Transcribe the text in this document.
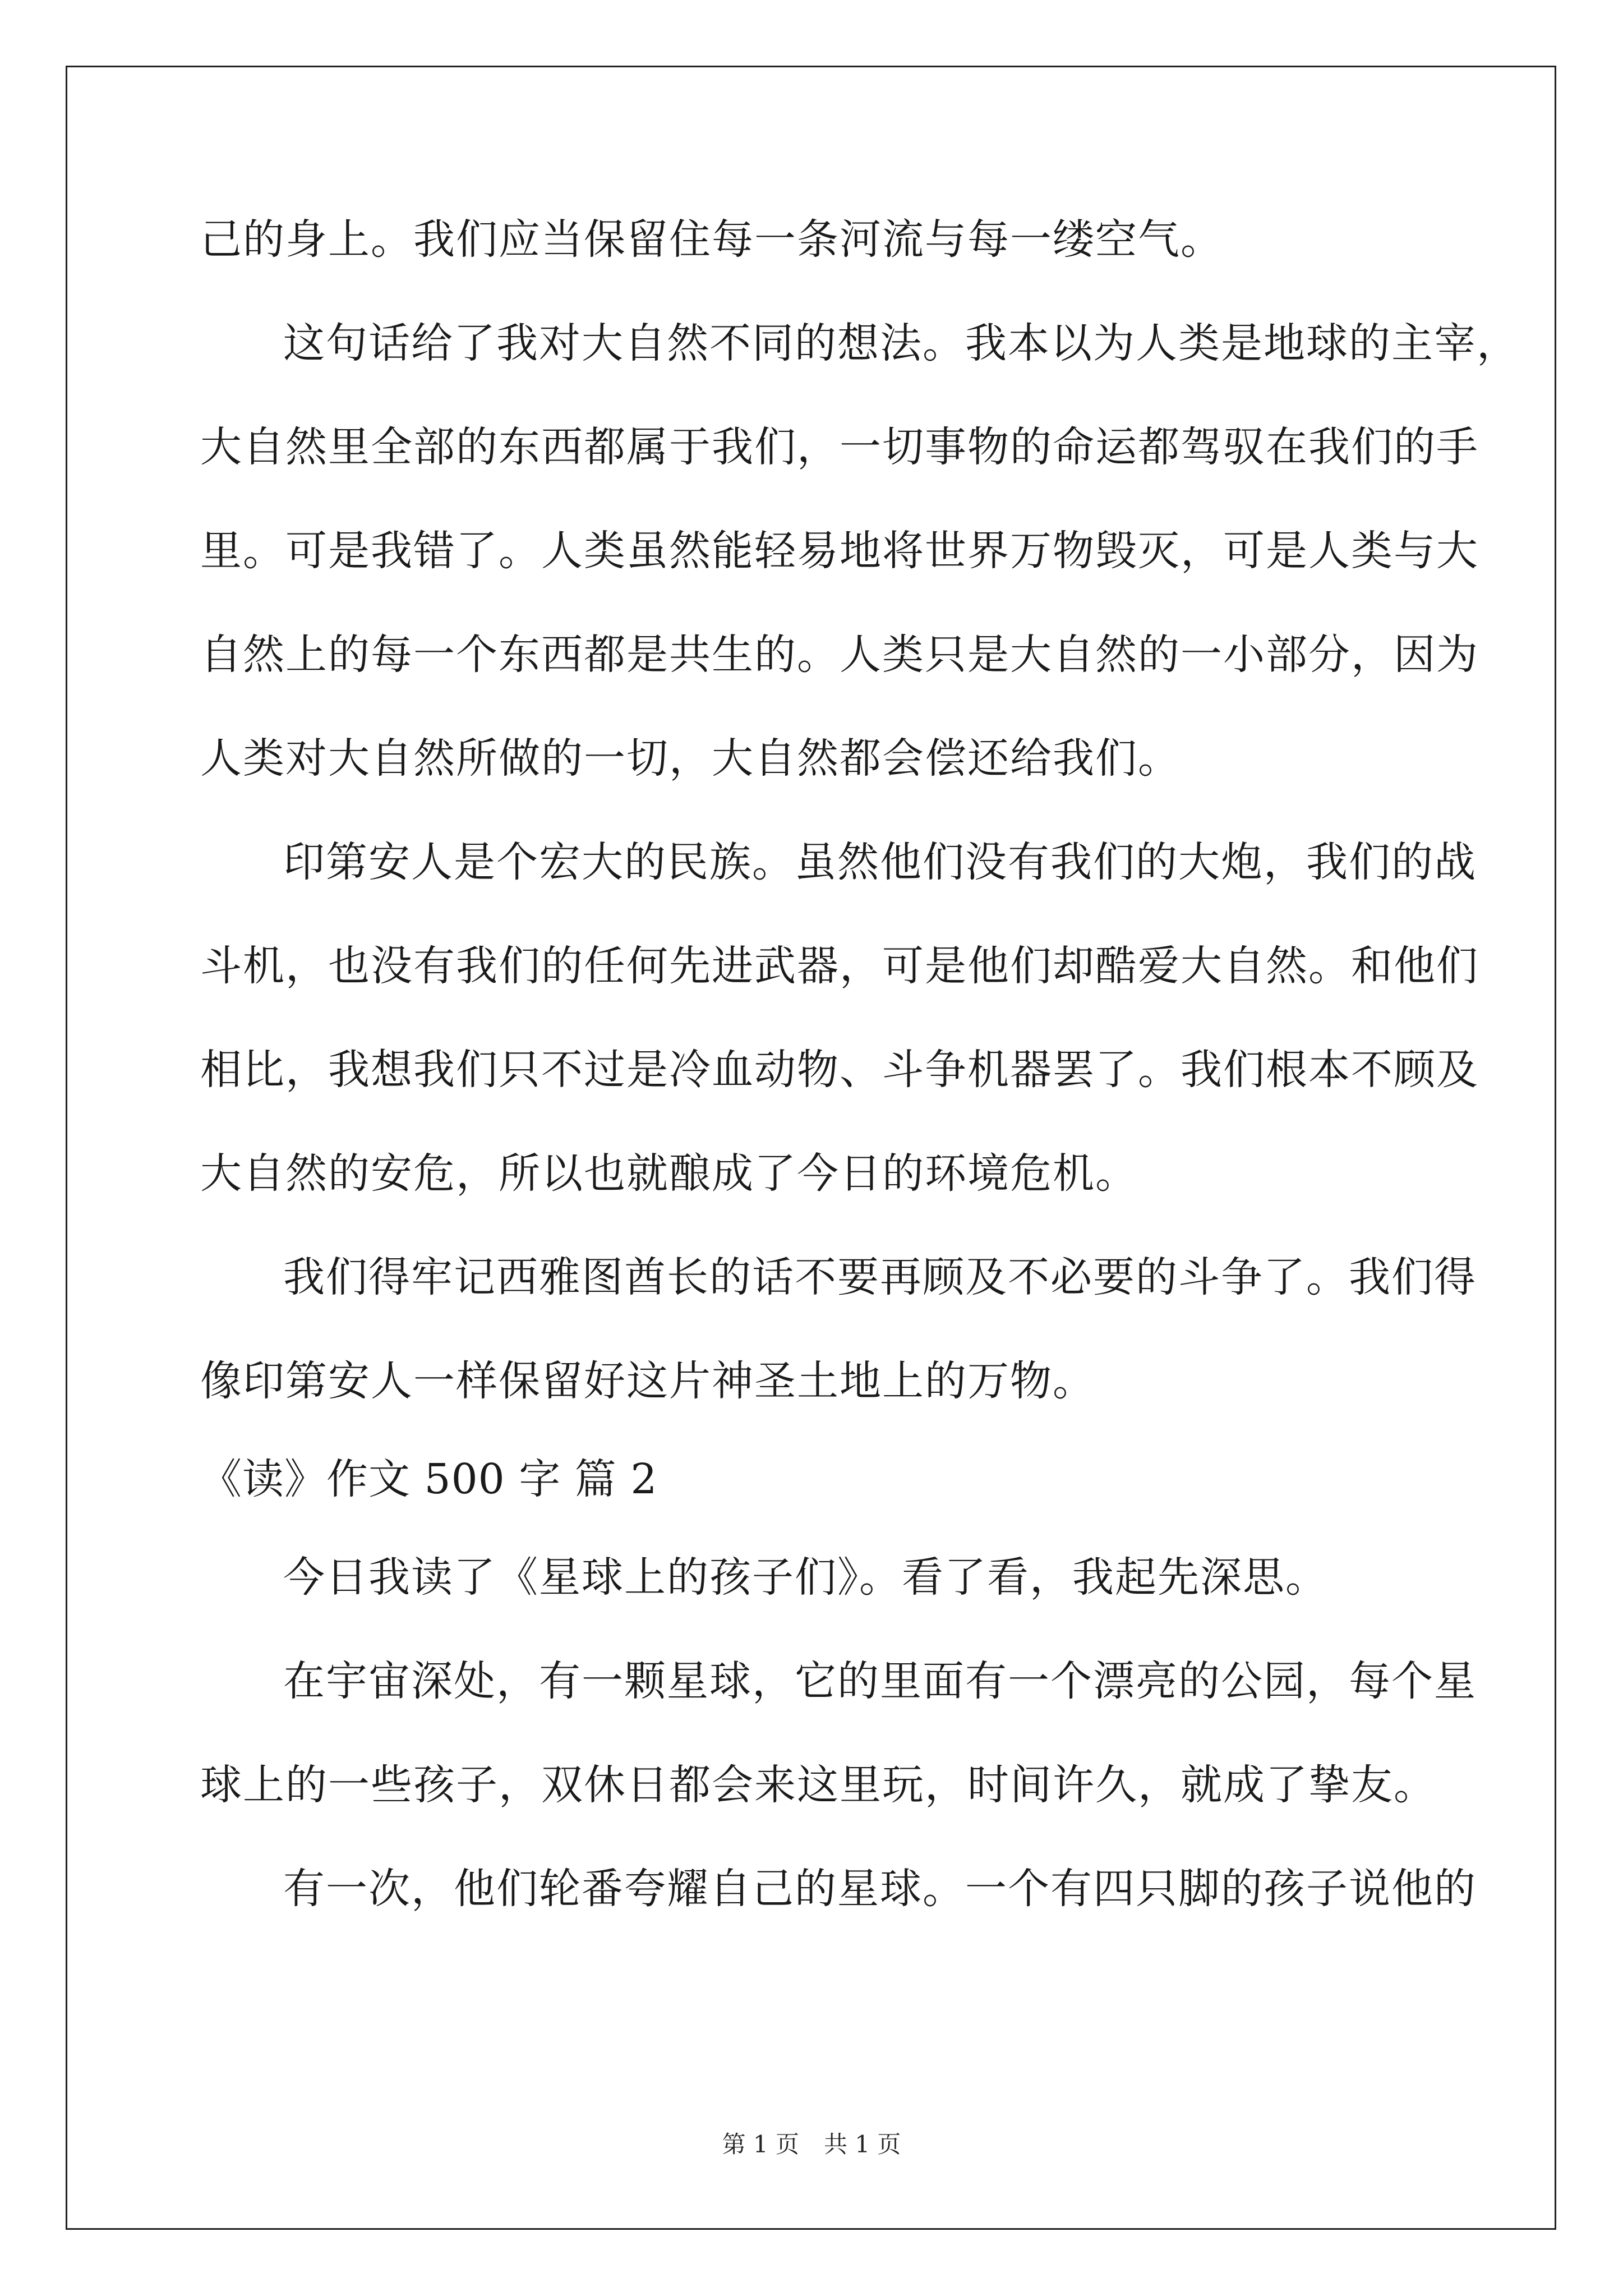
己的身上。我们应当保留住每一条河流与每一缕空气。
这句话给了我对大自然不同的想法。我本以为人类是地球的主宰，
大自然里全部的东西都属于我们，一切事物的命运都驾驭在我们的手
里。可是我错了。人类虽然能轻易地将世界万物毁灭，可是人类与大
自然上的每一个东西都是共生的。人类只是大自然的一小部分，因为
人类对大自然所做的一切，大自然都会偿还给我们。
印第安人是个宏大的民族。虽然他们没有我们的大炮，我们的战
斗机，也没有我们的任何先进武器，可是他们却酷爱大自然。和他们
相比，我想我们只不过是冷血动物、斗争机器罢了。我们根本不顾及
大自然的安危，所以也就酿成了今日的环境危机。
我们得牢记西雅图酋长的话不要再顾及不必要的斗争了。我们得
像印第安人一样保留好这片神圣土地上的万物。
《读》作文 500 字 篇 2
今日我读了《星球上的孩子们》。看了看，我起先深思。
在宇宙深处，有一颗星球，它的里面有一个漂亮的公园，每个星
球上的一些孩子，双休日都会来这里玩，时间许久，就成了挚友。
有一次，他们轮番夸耀自己的星球。一个有四只脚的孩子说他的
第 1 页 共 1 页
